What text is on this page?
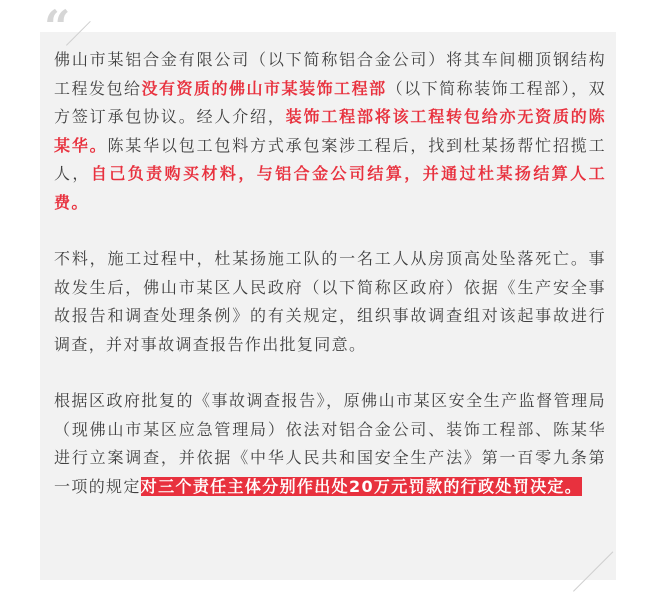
“

佛山市某铝合金有限公司（以下简称铝合金公司）将其车间棚顶钢结构工程发包给没有资质的佛山市某装饰工程部（以下简称装饰工程部），双方签订承包协议。经人介绍，装饰工程部将该工程转包给亦无资质的陈某华。陈某华以包工包料方式承包案涉工程后，找到杜某扬帮忙招揽工人，自己负责购买材料，与铝合金公司结算，并通过杜某扬结算人工费。

不料，施工过程中，杜某扬施工队的一名工人从房顶高处坠落死亡。事故发生后，佛山市某区人民政府（以下简称区政府）依据《生产安全事故报告和调查处理条例》的有关规定，组织事故调查组对该起事故进行调查，并对事故调查报告作出批复同意。

根据区政府批复的《事故调查报告》，原佛山市某区安全生产监督管理局（现佛山市某区应急管理局）依法对铝合金公司、装饰工程部、陈某华进行立案调查，并依据《中华人民共和国安全生产法》第一百零九条第一项的规定对三个责任主体分别作出处20万元罚款的行政处罚决定。
